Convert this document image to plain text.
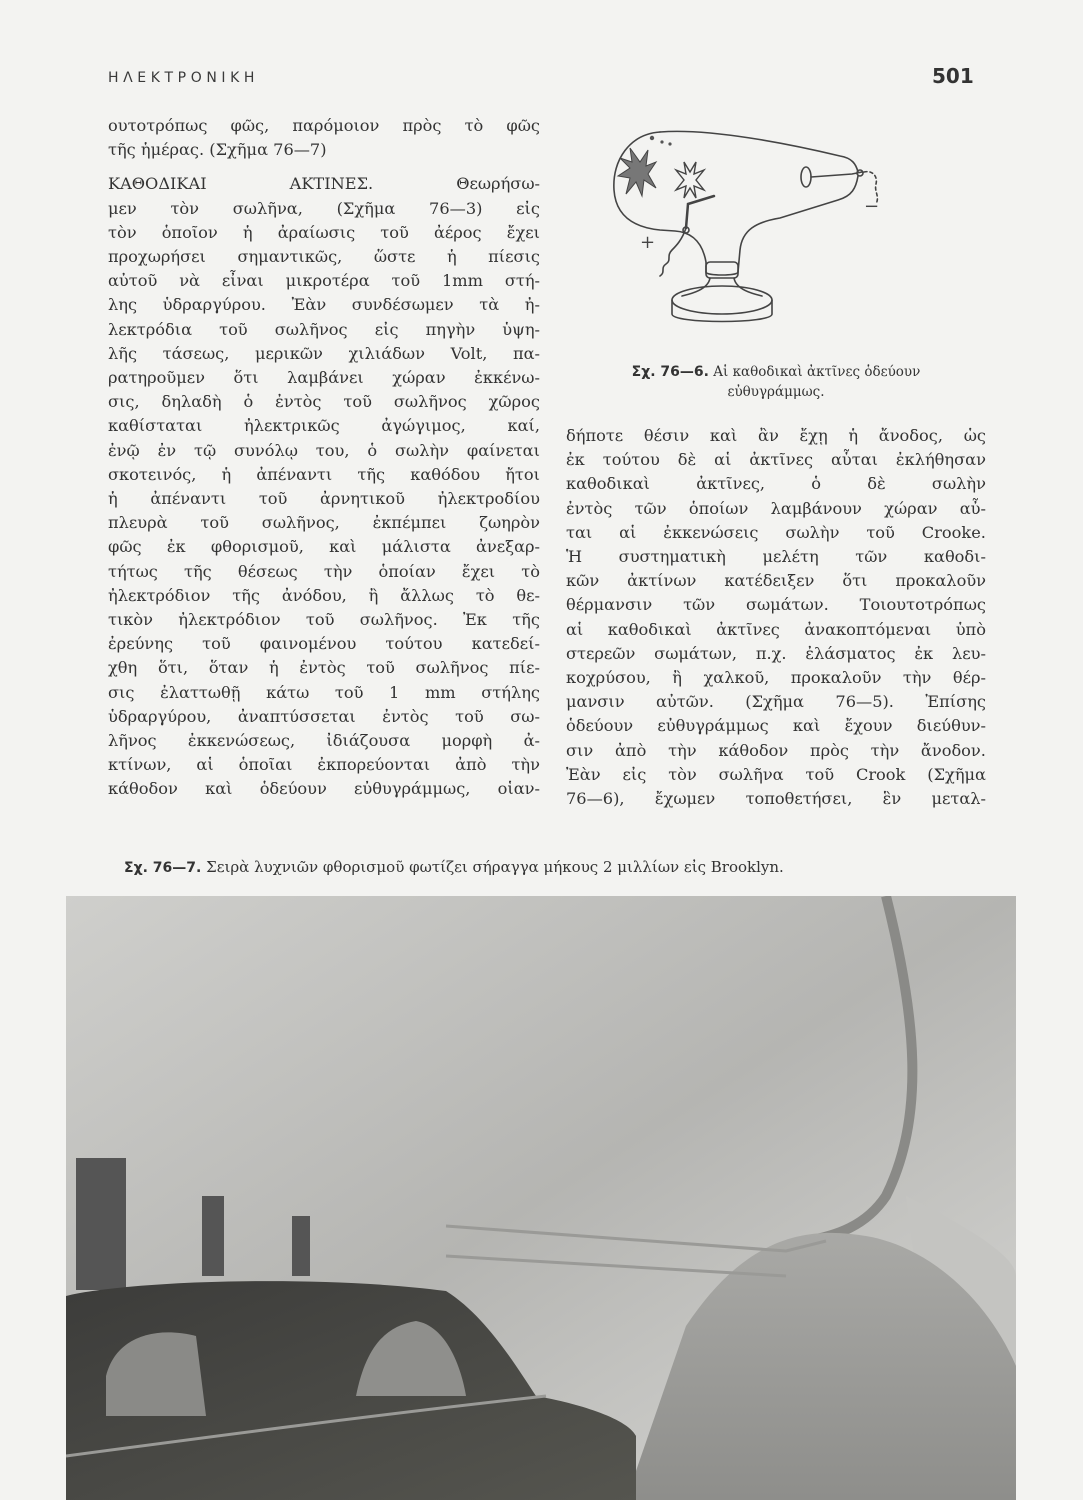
ΗΛΕΚΤΡΟΝΙΚΗ	501
ουτοτρόπως φῶς, παρόμοιον πρὸς τὸ φῶς
τῆς ἡμέρας. (Σχῆμα 76—7)
ΚΑΘΟΔΙΚΑΙ	ΑΚΤΙΝΕΣ.	Θεωρήσω-
μεν τὸν σωλῆνα, (Σχῆμα 76—3) εἰς
τὸν ὁποῖον ἡ ἀραίωσις τοῦ ἀέρος ἔχει
προχωρήσει σημαντικῶς, ὥστε ἡ πίεσις
αὐτοῦ νὰ εἶναι μικροτέρα τοῦ 1mm στή-
λης ὑδραργύρου. Ἐὰν συνδέσωμεν τὰ ἠ-
λεκτρόδια τοῦ σωλῆνος εἰς πηγὴν ὑψη-
λῆς τάσεως, μερικῶν χιλιάδων Volt, πα-
ρατηροῦμεν ὅτι λαμβάνει χώραν ἐκκένω-
σις, δηλαδὴ ὁ ἐντὸς τοῦ σωλῆνος χῶρος
καθίσταται	ἠλεκτρικῶς	ἀγώγιμος,	καί,
ἐνῷ ἐν τῷ συνόλῳ του, ὁ σωλὴν φαίνεται
σκοτεινός, ἡ ἀπέναντι τῆς καθόδου ἤτοι
ἡ ἀπέναντι τοῦ ἀρνητικοῦ ἠλεκτροδίου
πλευρὰ τοῦ σωλῆνος, ἐκπέμπει ζωηρὸν
φῶς ἐκ φθορισμοῦ, καὶ μάλιστα ἀνεξαρ-
τήτως τῆς θέσεως τὴν ὁποίαν ἔχει τὸ
ἠλεκτρόδιον τῆς ἀνόδου, ἢ ἄλλως τὸ θε-
τικὸν ἠλεκτρόδιον τοῦ σωλῆνος. Ἐκ τῆς
ἐρεύνης τοῦ φαινομένου τούτου κατεδεί-
χθη ὅτι, ὅταν ἡ ἐντὸς τοῦ σωλῆνος πίε-
σις ἐλαττωθῇ κάτω τοῦ 1 mm στήλης
ὑδραργύρου, ἀναπτύσσεται ἐντὸς τοῦ σω-
λῆνος ἐκκενώσεως, ἰδιάζουσα μορφὴ ἀ-
κτίνων, αἱ ὁποῖαι ἐκπορεύονται ἀπὸ τὴν
κάθοδον καὶ ὁδεύουν εὐθυγράμμως, οἱαν-
+
−
Σχ. 76—6. Αἱ καθοδικαὶ ἀκτῖνες ὁδεύουν
εὐθυγράμμως.
δήποτε θέσιν καὶ ἂν ἔχῃ ἡ ἄνοδος, ὡς
ἐκ τούτου δὲ αἱ ἀκτῖνες αὗται ἐκλήθησαν
καθοδικαὶ	ἀκτῖνες,	ὁ	δὲ	σωλὴν
ἐντὸς τῶν ὁποίων λαμβάνουν χώραν αὖ-
ται αἱ ἐκκενώσεις σωλὴν τοῦ Crooke.
Ἡ συστηματικὴ μελέτη τῶν καθοδι-
κῶν ἀκτίνων κατέδειξεν ὅτι προκαλοῦν
θέρμανσιν τῶν σωμάτων. Τοιουτοτρόπως
αἱ καθοδικαὶ ἀκτῖνες ἀνακοπτόμεναι ὑπὸ
στερεῶν σωμάτων, π.χ. ἐλάσματος ἐκ λευ-
κοχρύσου, ἢ χαλκοῦ, προκαλοῦν τὴν θέρ-
μανσιν αὐτῶν. (Σχῆμα 76—5). Ἐπίσης
ὁδεύουν εὐθυγράμμως καὶ ἔχουν διεύθυν-
σιν ἀπὸ τὴν κάθοδον πρὸς τὴν ἄνοδον.
Ἐὰν εἰς τὸν σωλῆνα τοῦ Crook (Σχῆμα
76—6), ἔχωμεν τοποθετήσει, ἓν μεταλ-
Σχ. 76—7. Σειρὰ λυχνιῶν φθορισμοῦ φωτίζει σήραγγα μήκους 2 μιλλίων εἰς Brooklyn.
